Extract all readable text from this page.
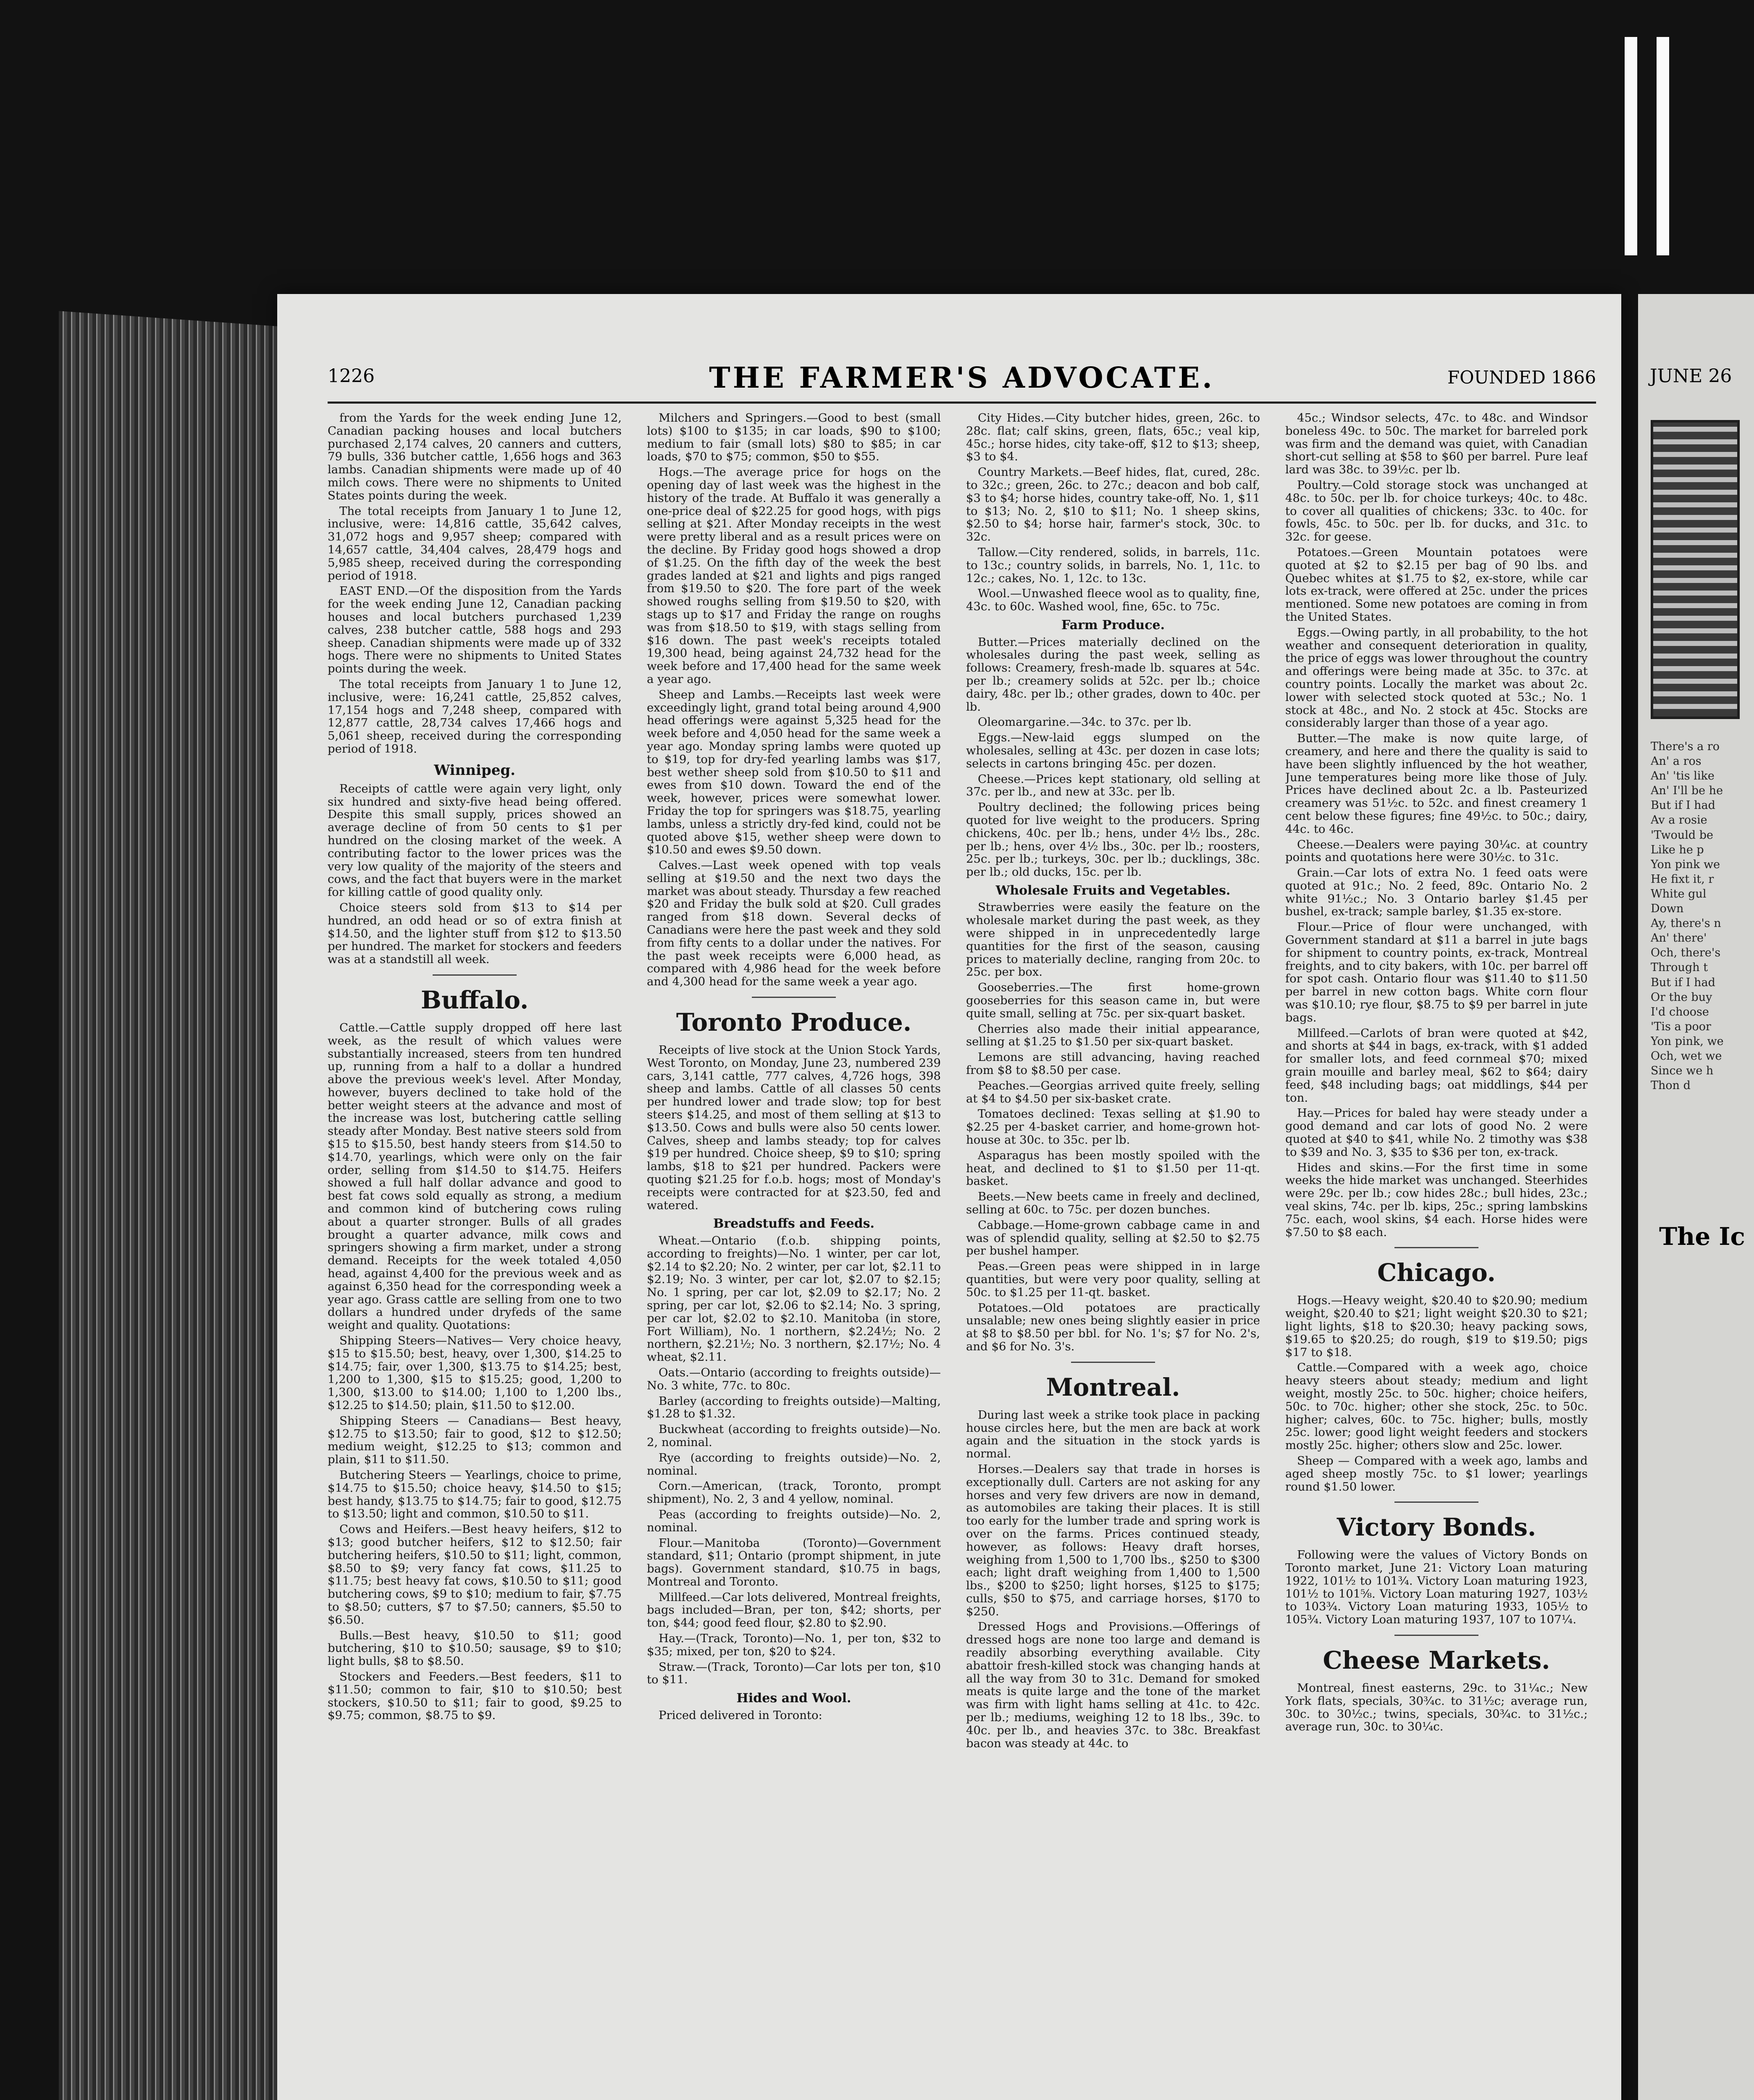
1226	THE FARMER'S ADVOCATE.	FOUNDED 1866

from the Yards for the week ending June 12, Canadian packing houses and local butchers purchased 2,174 calves, 20 canners and cutters, 79 bulls, 336 butcher cattle, 1,656 hogs and 363 lambs. Canadian shipments were made up of 40 milch cows. There were no shipments to United States points during the week.

The total receipts from January 1 to June 12, inclusive, were: 14,816 cattle, 35,642 calves, 31,072 hogs and 9,957 sheep; compared with 14,657 cattle, 34,404 calves, 28,479 hogs and 5,985 sheep, received during the corresponding period of 1918.

EAST END.—Of the disposition from the Yards for the week ending June 12, Canadian packing houses and local butchers purchased 1,239 calves, 238 butcher cattle, 588 hogs and 293 sheep. Canadian shipments were made up of 332 hogs. There were no shipments to United States points during the week.

The total receipts from January 1 to June 12, inclusive, were: 16,241 cattle, 25,852 calves, 17,154 hogs and 7,248 sheep, compared with 12,877 cattle, 28,734 calves 17,466 hogs and 5,061 sheep, received during the corresponding period of 1918.

Winnipeg.

Receipts of cattle were again very light, only six hundred and sixty-five head being offered. Despite this small supply, prices showed an average decline of from 50 cents to $1 per hundred on the closing market of the week. A contributing factor to the lower prices was the very low quality of the majority of the steers and cows, and the fact that buyers were in the market for killing cattle of good quality only.

Choice steers sold from $13 to $14 per hundred, an odd head or so of extra finish at $14.50, and the lighter stuff from $12 to $13.50 per hundred. The market for stockers and feeders was at a standstill all week.

Buffalo.

Cattle.—Cattle supply dropped off here last week, as the result of which values were substantially increased, steers from ten hundred up, running from a half to a dollar a hundred above the previous week's level. After Monday, however, buyers declined to take hold of the better weight steers at the advance and most of the increase was lost, butchering cattle selling steady after Monday. Best native steers sold from $15 to $15.50, best handy steers from $14.50 to $14.70, yearlings, which were only on the fair order, selling from $14.50 to $14.75. Heifers showed a full half dollar advance and good to best fat cows sold equally as strong, a medium and common kind of butchering cows ruling about a quarter stronger. Bulls of all grades brought a quarter advance, milk cows and springers showing a firm market, under a strong demand. Receipts for the week totaled 4,050 head, against 4,400 for the previous week and as against 6,350 head for the corresponding week a year ago. Grass cattle are selling from one to two dollars a hundred under dryfeds of the same weight and quality. Quotations:

Shipping Steers—Natives— Very choice heavy, $15 to $15.50; best, heavy, over 1,300, $14.25 to $14.75; fair, over 1,300, $13.75 to $14.25; best, 1,200 to 1,300, $15 to $15.25; good, 1,200 to 1,300, $13.00 to $14.00; 1,100 to 1,200 lbs., $12.25 to $14.50; plain, $11.50 to $12.00.

Shipping Steers — Canadians— Best heavy, $12.75 to $13.50; fair to good, $12 to $12.50; medium weight, $12.25 to $13; common and plain, $11 to $11.50.

Butchering Steers — Yearlings, choice to prime, $14.75 to $15.50; choice heavy, $14.50 to $15; best handy, $13.75 to $14.75; fair to good, $12.75 to $13.50; light and common, $10.50 to $11.

Cows and Heifers.—Best heavy heifers, $12 to $13; good butcher heifers, $12 to $12.50; fair butchering heifers, $10.50 to $11; light, common, $8.50 to $9; very fancy fat cows, $11.25 to $11.75; best heavy fat cows, $10.50 to $11; good butchering cows, $9 to $10; medium to fair, $7.75 to $8.50; cutters, $7 to $7.50; canners, $5.50 to $6.50.

Bulls.—Best heavy, $10.50 to $11; good butchering, $10 to $10.50; sausage, $9 to $10; light bulls, $8 to $8.50.

Stockers and Feeders.—Best feeders, $11 to $11.50; common to fair, $10 to $10.50; best stockers, $10.50 to $11; fair to good, $9.25 to $9.75; common, $8.75 to $9.

Milchers and Springers.—Good to best (small lots) $100 to $135; in car loads, $90 to $100; medium to fair (small lots) $80 to $85; in car loads, $70 to $75; common, $50 to $55.

Hogs.—The average price for hogs on the opening day of last week was the highest in the history of the trade. At Buffalo it was generally a one-price deal of $22.25 for good hogs, with pigs selling at $21. After Monday receipts in the west were pretty liberal and as a result prices were on the decline. By Friday good hogs showed a drop of $1.25. On the fifth day of the week the best grades landed at $21 and lights and pigs ranged from $19.50 to $20. The fore part of the week showed roughs selling from $19.50 to $20, with stags up to $17 and Friday the range on roughs was from $18.50 to $19, with stags selling from $16 down. The past week's receipts totaled 19,300 head, being against 24,732 head for the week before and 17,400 head for the same week a year ago.

Sheep and Lambs.—Receipts last week were exceedingly light, grand total being around 4,900 head offerings were against 5,325 head for the week before and 4,050 head for the same week a year ago. Monday spring lambs were quoted up to $19, top for dry-fed yearling lambs was $17, best wether sheep sold from $10.50 to $11 and ewes from $10 down. Toward the end of the week, however, prices were somewhat lower. Friday the top for springers was $18.75, yearling lambs, unless a strictly dry-fed kind, could not be quoted above $15, wether sheep were down to $10.50 and ewes $9.50 down.

Calves.—Last week opened with top veals selling at $19.50 and the next two days the market was about steady. Thursday a few reached $20 and Friday the bulk sold at $20. Cull grades ranged from $18 down. Several decks of Canadians were here the past week and they sold from fifty cents to a dollar under the natives. For the past week receipts were 6,000 head, as compared with 4,986 head for the week before and 4,300 head for the same week a year ago.

Toronto Produce.

Receipts of live stock at the Union Stock Yards, West Toronto, on Monday, June 23, numbered 239 cars, 3,141 cattle, 777 calves, 4,726 hogs, 398 sheep and lambs. Cattle of all classes 50 cents per hundred lower and trade slow; top for best steers $14.25, and most of them selling at $13 to $13.50. Cows and bulls were also 50 cents lower. Calves, sheep and lambs steady; top for calves $19 per hundred. Choice sheep, $9 to $10; spring lambs, $18 to $21 per hundred. Packers were quoting $21.25 for f.o.b. hogs; most of Monday's receipts were contracted for at $23.50, fed and watered.

Breadstuffs and Feeds.

Wheat.—Ontario (f.o.b. shipping points, according to freights)—No. 1 winter, per car lot, $2.14 to $2.20; No. 2 winter, per car lot, $2.11 to $2.19; No. 3 winter, per car lot, $2.07 to $2.15; No. 1 spring, per car lot, $2.09 to $2.17; No. 2 spring, per car lot, $2.06 to $2.14; No. 3 spring, per car lot, $2.02 to $2.10. Manitoba (in store, Fort William), No. 1 northern, $2.24½; No. 2 northern, $2.21½; No. 3 northern, $2.17½; No. 4 wheat, $2.11.

Oats.—Ontario (according to freights outside)—No. 3 white, 77c. to 80c.

Barley (according to freights outside)—Malting, $1.28 to $1.32.

Buckwheat (according to freights outside)—No. 2, nominal.

Rye (according to freights outside)—No. 2, nominal.

Corn.—American, (track, Toronto, prompt shipment), No. 2, 3 and 4 yellow, nominal.

Peas (according to freights outside)—No. 2, nominal.

Flour.—Manitoba (Toronto)—Government standard, $11; Ontario (prompt shipment, in jute bags). Government standard, $10.75 in bags, Montreal and Toronto.

Millfeed.—Car lots delivered, Montreal freights, bags included—Bran, per ton, $42; shorts, per ton, $44; good feed flour, $2.80 to $2.90.

Hay.—(Track, Toronto)—No. 1, per ton, $32 to $35; mixed, per ton, $20 to $24.

Straw.—(Track, Toronto)—Car lots per ton, $10 to $11.

Hides and Wool.

Priced delivered in Toronto:

City Hides.—City butcher hides, green, 26c. to 28c. flat; calf skins, green, flats, 65c.; veal kip, 45c.; horse hides, city take-off, $12 to $13; sheep, $3 to $4.

Country Markets.—Beef hides, flat, cured, 28c. to 32c.; green, 26c. to 27c.; deacon and bob calf, $3 to $4; horse hides, country take-off, No. 1, $11 to $13; No. 2, $10 to $11; No. 1 sheep skins, $2.50 to $4; horse hair, farmer's stock, 30c. to 32c.

Tallow.—City rendered, solids, in barrels, 11c. to 13c.; country solids, in barrels, No. 1, 11c. to 12c.; cakes, No. 1, 12c. to 13c.

Wool.—Unwashed fleece wool as to quality, fine, 43c. to 60c. Washed wool, fine, 65c. to 75c.

Farm Produce.

Butter.—Prices materially declined on the wholesales during the past week, selling as follows: Creamery, fresh-made lb. squares at 54c. per lb.; creamery solids at 52c. per lb.; choice dairy, 48c. per lb.; other grades, down to 40c. per lb.

Oleomargarine.—34c. to 37c. per lb.

Eggs.—New-laid eggs slumped on the wholesales, selling at 43c. per dozen in case lots; selects in cartons bringing 45c. per dozen.

Cheese.—Prices kept stationary, old selling at 37c. per lb., and new at 33c. per lb.

Poultry declined; the following prices being quoted for live weight to the producers. Spring chickens, 40c. per lb.; hens, under 4½ lbs., 28c. per lb.; hens, over 4½ lbs., 30c. per lb.; roosters, 25c. per lb.; turkeys, 30c. per lb.; ducklings, 38c. per lb.; old ducks, 15c. per lb.

Wholesale Fruits and Vegetables.

Strawberries were easily the feature on the wholesale market during the past week, as they were shipped in in unprecedentedly large quantities for the first of the season, causing prices to materially decline, ranging from 20c. to 25c. per box.

Gooseberries.—The first home-grown gooseberries for this season came in, but were quite small, selling at 75c. per six-quart basket.

Cherries also made their initial appearance, selling at $1.25 to $1.50 per six-quart basket.

Lemons are still advancing, having reached from $8 to $8.50 per case.

Peaches.—Georgias arrived quite freely, selling at $4 to $4.50 per six-basket crate.

Tomatoes declined: Texas selling at $1.90 to $2.25 per 4-basket carrier, and home-grown hot-house at 30c. to 35c. per lb.

Asparagus has been mostly spoiled with the heat, and declined to $1 to $1.50 per 11-qt. basket.

Beets.—New beets came in freely and declined, selling at 60c. to 75c. per dozen bunches.

Cabbage.—Home-grown cabbage came in and was of splendid quality, selling at $2.50 to $2.75 per bushel hamper.

Peas.—Green peas were shipped in in large quantities, but were very poor quality, selling at 50c. to $1.25 per 11-qt. basket.

Potatoes.—Old potatoes are practically unsalable; new ones being slightly easier in price at $8 to $8.50 per bbl. for No. 1's; $7 for No. 2's, and $6 for No. 3's.

Montreal.

During last week a strike took place in packing house circles here, but the men are back at work again and the situation in the stock yards is normal.

Horses.—Dealers say that trade in horses is exceptionally dull. Carters are not asking for any horses and very few drivers are now in demand, as automobiles are taking their places. It is still too early for the lumber trade and spring work is over on the farms. Prices continued steady, however, as follows: Heavy draft horses, weighing from 1,500 to 1,700 lbs., $250 to $300 each; light draft weighing from 1,400 to 1,500 lbs., $200 to $250; light horses, $125 to $175; culls, $50 to $75, and carriage horses, $170 to $250.

Dressed Hogs and Provisions.—Offerings of dressed hogs are none too large and demand is readily absorbing everything available. City abattoir fresh-killed stock was changing hands at all the way from 30 to 31c. Demand for smoked meats is quite large and the tone of the market was firm with light hams selling at 41c. to 42c. per lb.; mediums, weighing 12 to 18 lbs., 39c. to 40c. per lb., and heavies 37c. to 38c. Breakfast bacon was steady at 44c. to

45c.; Windsor selects, 47c. to 48c. and Windsor boneless 49c. to 50c. The market for barreled pork was firm and the demand was quiet, with Canadian short-cut selling at $58 to $60 per barrel. Pure leaf lard was 38c. to 39½c. per lb.

Poultry.—Cold storage stock was unchanged at 48c. to 50c. per lb. for choice turkeys; 40c. to 48c. to cover all qualities of chickens; 33c. to 40c. for fowls, 45c. to 50c. per lb. for ducks, and 31c. to 32c. for geese.

Potatoes.—Green Mountain potatoes were quoted at $2 to $2.15 per bag of 90 lbs. and Quebec whites at $1.75 to $2, ex-store, while car lots ex-track, were offered at 25c. under the prices mentioned. Some new potatoes are coming in from the United States.

Eggs.—Owing partly, in all probability, to the hot weather and consequent deterioration in quality, the price of eggs was lower throughout the country and offerings were being made at 35c. to 37c. at country points. Locally the market was about 2c. lower with selected stock quoted at 53c.; No. 1 stock at 48c., and No. 2 stock at 45c. Stocks are considerably larger than those of a year ago.

Butter.—The make is now quite large, of creamery, and here and there the quality is said to have been slightly influenced by the hot weather, June temperatures being more like those of July. Prices have declined about 2c. a lb. Pasteurized creamery was 51½c. to 52c. and finest creamery 1 cent below these figures; fine 49½c. to 50c.; dairy, 44c. to 46c.

Cheese.—Dealers were paying 30¼c. at country points and quotations here were 30½c. to 31c.

Grain.—Car lots of extra No. 1 feed oats were quoted at 91c.; No. 2 feed, 89c. Ontario No. 2 white 91½c.; No. 3 Ontario barley $1.45 per bushel, ex-track; sample barley, $1.35 ex-store.

Flour.—Price of flour were unchanged, with Government standard at $11 a barrel in jute bags for shipment to country points, ex-track, Montreal freights, and to city bakers, with 10c. per barrel off for spot cash. Ontario flour was $11.40 to $11.50 per barrel in new cotton bags. White corn flour was $10.10; rye flour, $8.75 to $9 per barrel in jute bags.

Millfeed.—Carlots of bran were quoted at $42, and shorts at $44 in bags, ex-track, with $1 added for smaller lots, and feed cornmeal $70; mixed grain mouille and barley meal, $62 to $64; dairy feed, $48 including bags; oat middlings, $44 per ton.

Hay.—Prices for baled hay were steady under a good demand and car lots of good No. 2 were quoted at $40 to $41, while No. 2 timothy was $38 to $39 and No. 3, $35 to $36 per ton, ex-track.

Hides and skins.—For the first time in some weeks the hide market was unchanged. Steerhides were 29c. per lb.; cow hides 28c.; bull hides, 23c.; veal skins, 74c. per lb. kips, 25c.; spring lambskins 75c. each, wool skins, $4 each. Horse hides were $7.50 to $8 each.

Chicago.

Hogs.—Heavy weight, $20.40 to $20.90; medium weight, $20.40 to $21; light weight $20.30 to $21; light lights, $18 to $20.30; heavy packing sows, $19.65 to $20.25; do rough, $19 to $19.50; pigs $17 to $18.

Cattle.—Compared with a week ago, choice heavy steers about steady; medium and light weight, mostly 25c. to 50c. higher; choice heifers, 50c. to 70c. higher; other she stock, 25c. to 50c. higher; calves, 60c. to 75c. higher; bulls, mostly 25c. lower; good light weight feeders and stockers mostly 25c. higher; others slow and 25c. lower.

Sheep — Compared with a week ago, lambs and aged sheep mostly 75c. to $1 lower; yearlings round $1.50 lower.

Victory Bonds.

Following were the values of Victory Bonds on Toronto market, June 21: Victory Loan maturing 1922, 101½ to 101¾. Victory Loan maturing 1923, 101½ to 101⅝. Victory Loan maturing 1927, 103½ to 103¾. Victory Loan maturing 1933, 105½ to 105¾. Victory Loan maturing 1937, 107 to 107¼.

Cheese Markets.

Montreal, finest easterns, 29c. to 31¼c.; New York flats, specials, 30¾c. to 31½c; average run, 30c. to 30½c.; twins, specials, 30¾c. to 31½c.; average run, 30c. to 30¼c.

JUNE 26
There's a ro
An' a ros
An' 'tis like
An' I'll be he
But if I had
Av a rosie
'Twould be
Like he p
Yon pink we
He fixt it, r
White gul
Down
Ay, there's n
An' there'
Och, there's
Through t
But if I had
Or the buy
I'd choose
'Tis a poor
Yon pink, we
Och, wet we
Since we h
Thon d
The Ic
